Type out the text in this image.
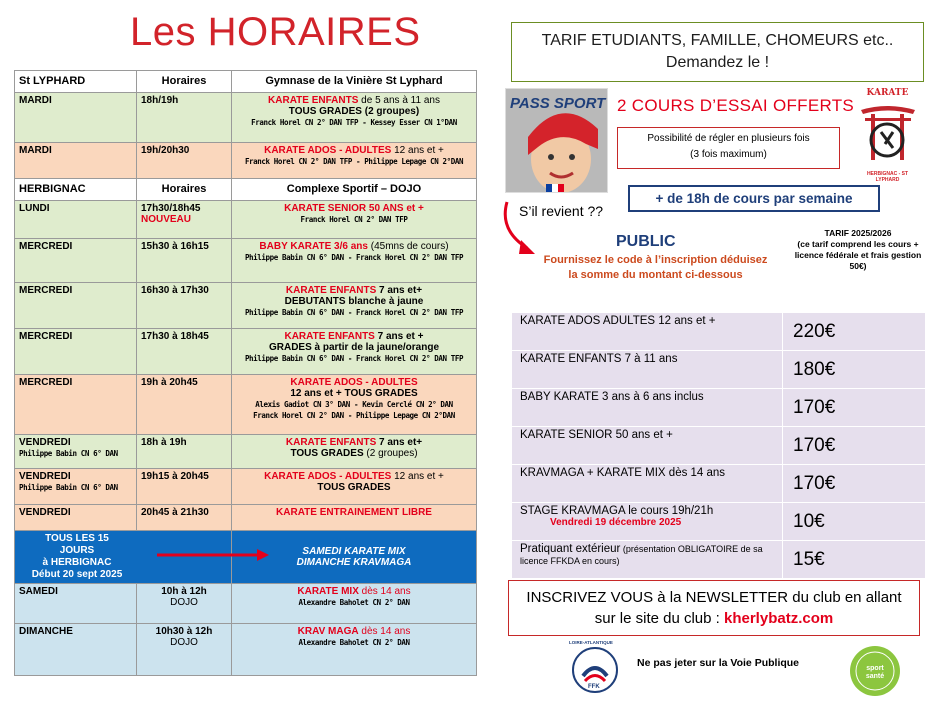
Les HORAIRES
St LYPHARD	Horaires	Gymnase de la Vinière St Lyphard
MARDI	18h/19h	KARATE ENFANTS de 5 ans à 11 ans
TOUS GRADES (2 groupes)
Franck Horel CN 2° DAN TFP - Kessey Esser CN 1°DAN
MARDI	19h/20h30	KARATE ADOS - ADULTES 12 ans et +
Franck Horel CN 2° DAN TFP - Philippe Lepage CN 2°DAN
HERBIGNAC	Horaires	Complexe Sportif – DOJO
LUNDI	17h30/18h45
NOUVEAU	KARATE SENIOR 50 ANS et +
Franck Horel CN 2° DAN TFP
MERCREDI	15h30 à 16h15	BABY KARATE 3/6 ans (45mns de cours)
Philippe Babin CN 6° DAN - Franck Horel CN 2° DAN TFP
MERCREDI	16h30 à 17h30	KARATE ENFANTS 7 ans et+
DEBUTANTS blanche à jaune
Philippe Babin CN 6° DAN - Franck Horel CN 2° DAN TFP
MERCREDI	17h30 à 18h45	KARATE ENFANTS 7 ans et +
GRADES à partir de la jaune/orange
Philippe Babin CN 6° DAN - Franck Horel CN 2° DAN TFP
MERCREDI	19h à 20h45	KARATE ADOS - ADULTES
12 ans et + TOUS GRADES
Alexis Gadiot CN 3° DAN - Kevin Cerclé CN 2° DAN
Franck Horel CN 2° DAN - Philippe Lepage CN 2°DAN
VENDREDI
Philippe Babin CN 6° DAN	18h à 19h	KARATE ENFANTS 7 ans et+
TOUS GRADES (2 groupes)
VENDREDI
Philippe Babin CN 6° DAN	19h15 à 20h45	KARATE ADOS - ADULTES 12 ans et +
TOUS GRADES
VENDREDI	20h45 à 21h30	KARATE ENTRAINEMENT LIBRE

TOUS LES 15 JOURS
à HERBIGNAC
Début 20 sept 2025		SAMEDI KARATE MIX
DIMANCHE KRAVMAGA
SAMEDI	10h à 12h
DOJO	KARATE MIX dès 14 ans
Alexandre Baholet CN 2° DAN
DIMANCHE	10h30 à 12h
DOJO	KRAV MAGA dès 14 ans
Alexandre Baholet CN 2° DAN
TARIF ETUDIANTS, FAMILLE, CHOMEURS etc..
Demandez le !
PASS SPORT 2 COURS D’ESSAI OFFERTS
Possibilité de régler en plusieurs fois
(3 fois maximum)
KARATE
HERBIGNAC - ST LYPHARD
+ de 18h de cours par semaine
S’il revient ??
PUBLIC
Fournissez le code à l’inscription déduisez la somme du montant ci-dessous
TARIF 2025/2026
(ce tarif comprend les cours + licence fédérale et frais gestion 50€)
KARATE ADOS ADULTES 12 ans et +	220€
KARATE ENFANTS 7 à 11 ans	180€
BABY KARATE 3 ans à 6 ans inclus	170€
KARATE SENIOR 50 ans et +	170€
KRAVMAGA + KARATE MIX dès 14 ans	170€
STAGE KRAVMAGA le cours 19h/21h
Vendredi 19 décembre 2025	10€
Pratiquant extérieur (présentation OBLIGATOIRE de sa licence FFKDA en cours)	15€
INSCRIVEZ VOUS à la NEWSLETTER du club en allant
sur le site du club : kherlybatz.com
LOIRE-ATLANTIQUE
FFK
Ne pas jeter sur la Voie Publique	sport santé
